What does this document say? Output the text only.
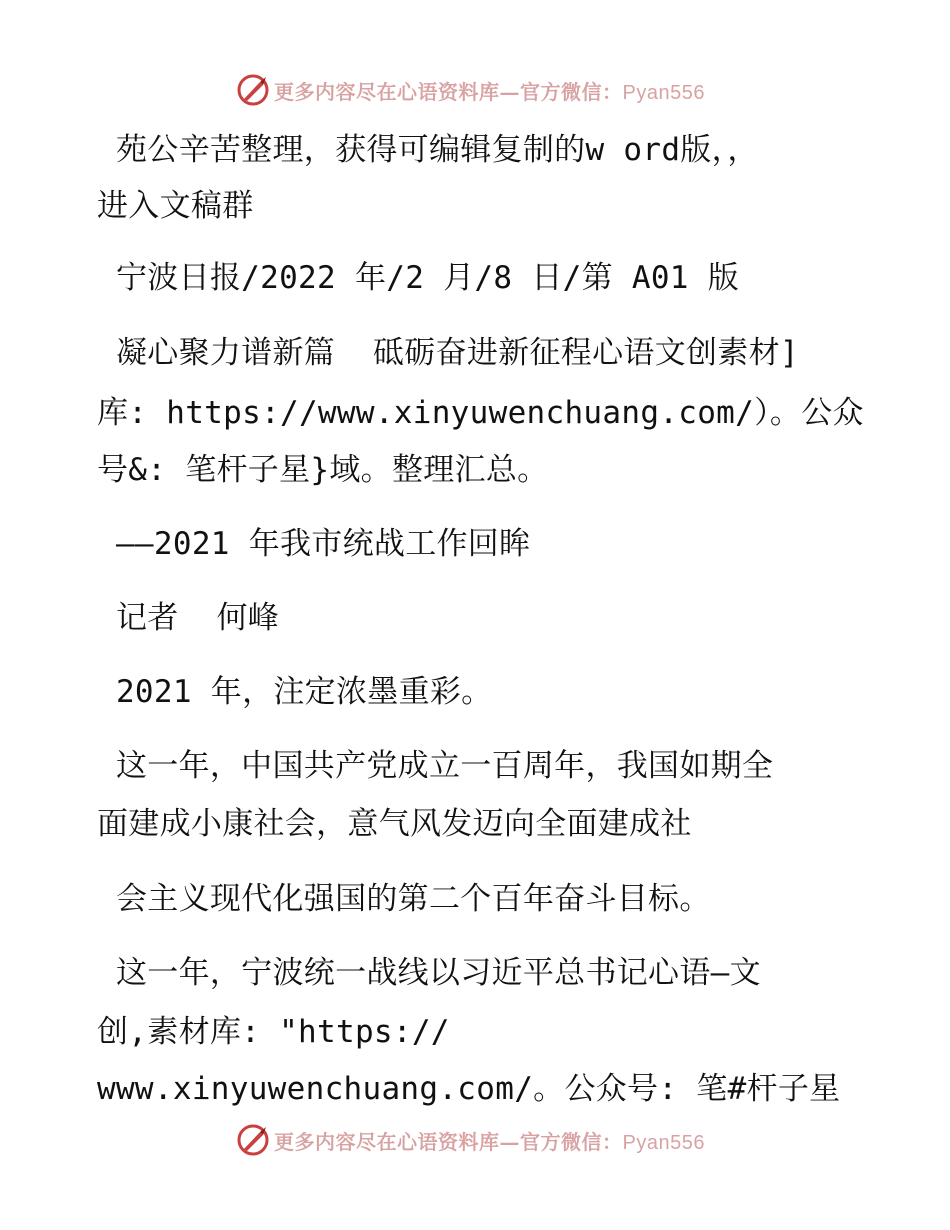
更多内容尽在心语资料库—官方微信：Pyan556
苑公辛苦整理，获得可编辑复制的w ord版，，
进入文稿群
宁波日报/2022 年/2 月/8 日/第 A01 版
凝心聚力谱新篇  砥砺奋进新征程心语文创素材]
库: https://www.xinyuwenchuang.com/）。公众
号&: 笔杆子星}域。整理汇总。
——2021 年我市统战工作回眸
记者  何峰
2021 年，注定浓墨重彩。
这一年，中国共产党成立一百周年，我国如期全
面建成小康社会，意气风发迈向全面建成社
会主义现代化强国的第二个百年奋斗目标。
这一年，宁波统一战线以习近平总书记心语—文
创,素材库: "https://
www.xinyuwenchuang.com/。公众号: 笔#杆子星
更多内容尽在心语资料库—官方微信：Pyan556
